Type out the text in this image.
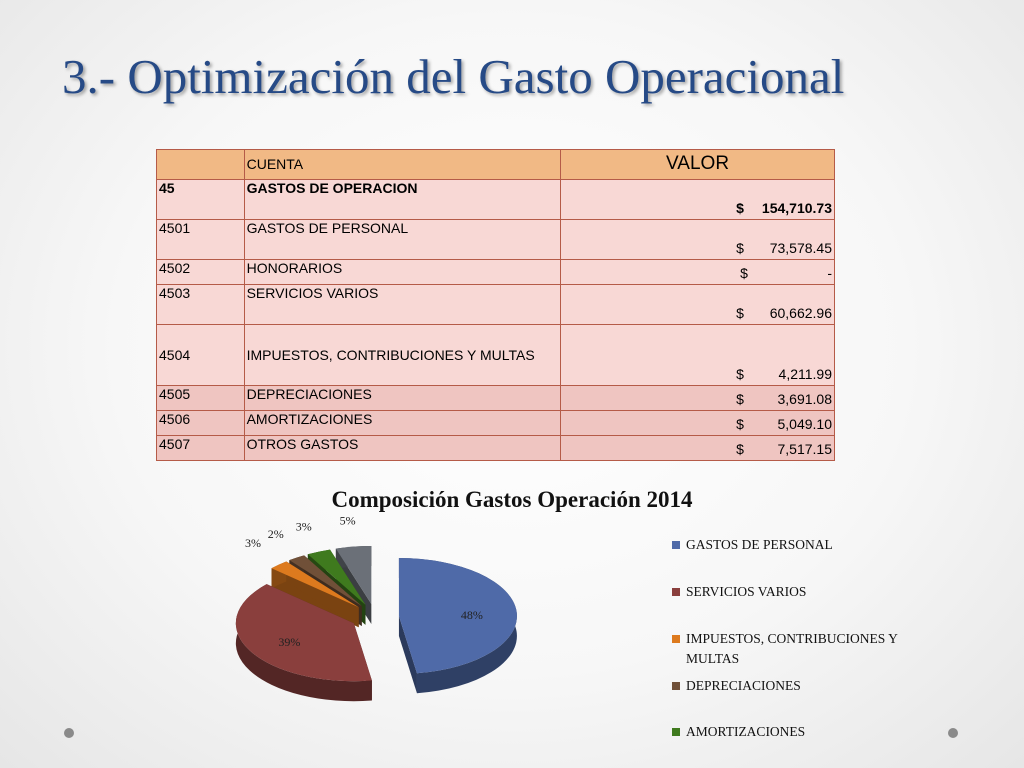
3.- Optimización del Gasto Operacional
	CUENTA	VALOR
45	GASTOS DE OPERACION	$ 154,710.73

4501	GASTOS DE PERSONAL	$ 73,578.45

4502	HONORARIOS	$ -

4503	SERVICIOS VARIOS	$ 60,662.96

4504	IMPUESTOS, CONTRIBUCIONES Y MULTAS	$ 4,211.99

4505	DEPRECIACIONES	$ 3,691.08

4506	AMORTIZACIONES	$ 5,049.10

4507	OTROS GASTOS	$ 7,517.15
Composición Gastos Operación 2014
48%
39%
3%
2%
3% 5%
GASTOS DE PERSONAL
SERVICIOS VARIOS
IMPUESTOS, CONTRIBUCIONES Y MULTAS
DEPRECIACIONES
AMORTIZACIONES
